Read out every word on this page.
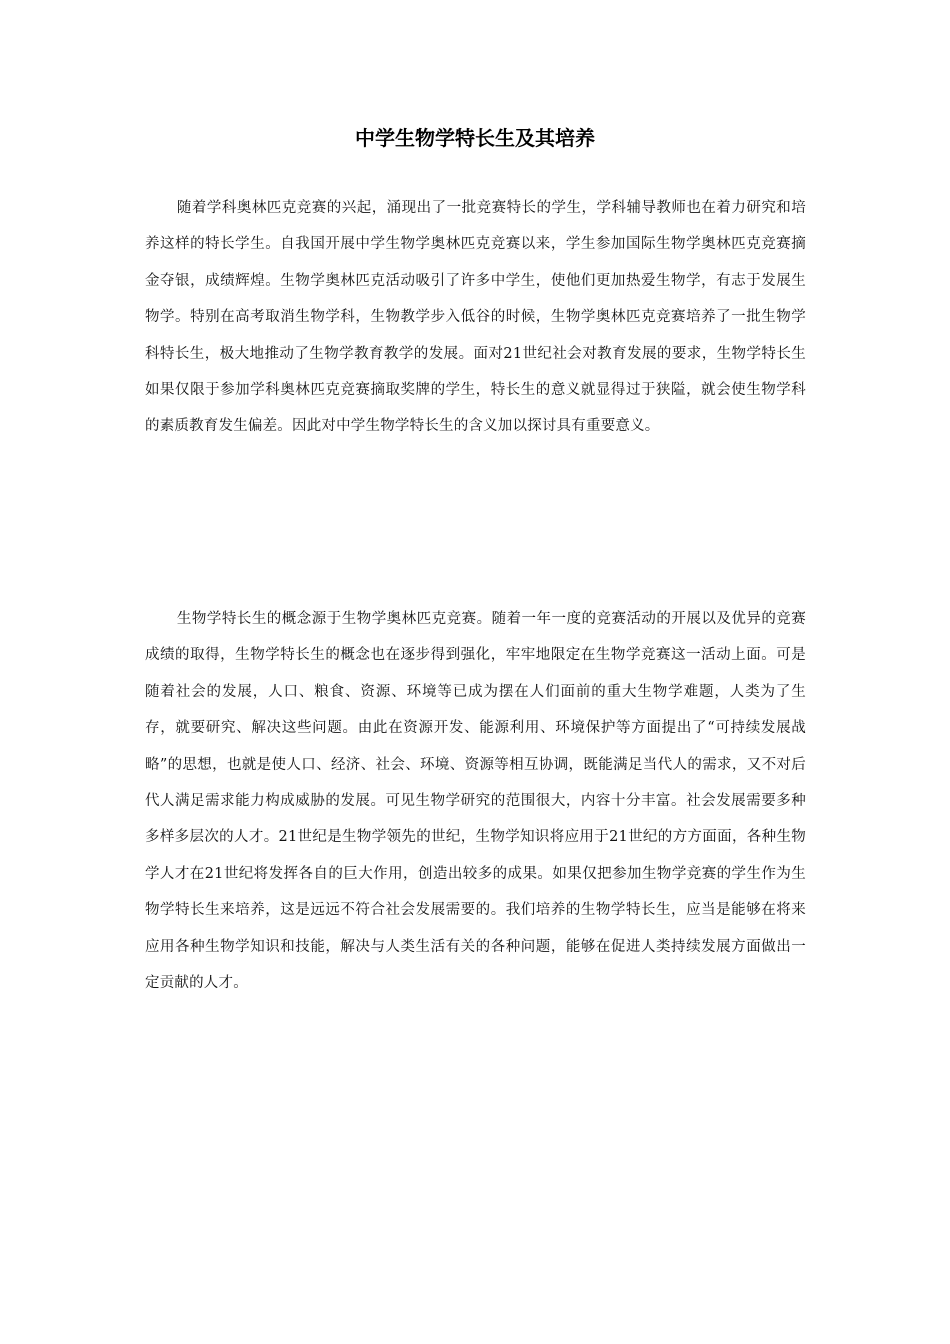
中学生物学特长生及其培养

随着学科奥林匹克竞赛的兴起，涌现出了一批竞赛特长的学生，学科辅导教师也在着力研究和培养这样的特长学生。自我国开展中学生物学奥林匹克竞赛以来，学生参加国际生物学奥林匹克竞赛摘金夺银，成绩辉煌。生物学奥林匹克活动吸引了许多中学生，使他们更加热爱生物学，有志于发展生物学。特别在高考取消生物学科，生物教学步入低谷的时候，生物学奥林匹克竞赛培养了一批生物学科特长生，极大地推动了生物学教育教学的发展。面对21世纪社会对教育发展的要求，生物学特长生如果仅限于参加学科奥林匹克竞赛摘取奖牌的学生，特长生的意义就显得过于狭隘，就会使生物学科的素质教育发生偏差。因此对中学生物学特长生的含义加以探讨具有重要意义。

生物学特长生的概念源于生物学奥林匹克竞赛。随着一年一度的竞赛活动的开展以及优异的竞赛成绩的取得，生物学特长生的概念也在逐步得到强化，牢牢地限定在生物学竞赛这一活动上面。可是随着社会的发展，人口、粮食、资源、环境等已成为摆在人们面前的重大生物学难题，人类为了生存，就要研究、解决这些问题。由此在资源开发、能源利用、环境保护等方面提出了“可持续发展战略”的思想，也就是使人口、经济、社会、环境、资源等相互协调，既能满足当代人的需求，又不对后代人满足需求能力构成威胁的发展。可见生物学研究的范围很大，内容十分丰富。社会发展需要多种多样多层次的人才。21世纪是生物学领先的世纪，生物学知识将应用于21世纪的方方面面，各种生物学人才在21世纪将发挥各自的巨大作用，创造出较多的成果。如果仅把参加生物学竞赛的学生作为生物学特长生来培养，这是远远不符合社会发展需要的。我们培养的生物学特长生，应当是能够在将来应用各种生物学知识和技能，解决与人类生活有关的各种问题，能够在促进人类持续发展方面做出一定贡献的人才。
